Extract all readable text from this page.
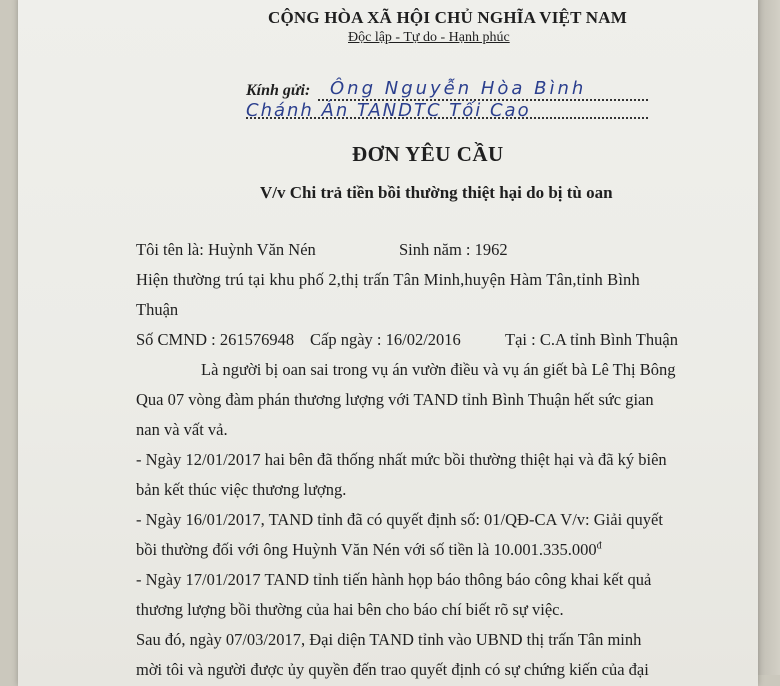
CỘNG HÒA XÃ HỘI CHỦ NGHĨA VIỆT NAM
Độc lập - Tự do - Hạnh phúc
Kính gửi: Ông Nguyễn Hòa Bình
Chánh Án TANDTC Tối Cao
ĐƠN YÊU CẦU
V/v Chi trả tiền bồi thường thiệt hại do bị tù oan
Tôi tên là: Huỳnh Văn Nén	Sinh năm : 1962
Hiện thường trú tại khu phố 2,thị trấn Tân Minh,huyện Hàm Tân,tỉnh Bình
Thuận
Số CMND : 261576948 Cấp ngày : 16/02/2016	Tại : C.A tỉnh Bình Thuận
Là người bị oan sai trong vụ án vườn điều và vụ án giết bà Lê Thị Bông
Qua 07 vòng đàm phán thương lượng với TAND tỉnh Bình Thuận hết sức gian
nan và vất vả.
- Ngày 12/01/2017 hai bên đã thống nhất mức bồi thường thiệt hại và đã ký biên
bản kết thúc việc thương lượng.
- Ngày 16/01/2017, TAND tỉnh đã có quyết định số: 01/QĐ-CA V/v: Giải quyết
bồi thường đối với ông Huỳnh Văn Nén với số tiền là $10.001.335.000^đ$
- Ngày 17/01/2017 TAND tỉnh tiến hành họp báo thông báo công khai kết quả
thương lượng bồi thường của hai bên cho báo chí biết rõ sự việc.
Sau đó, ngày 07/03/2017, Đại diện TAND tỉnh vào UBND thị trấn Tân minh
mời tôi và người được ủy quyền đến trao quyết định có sự chứng kiến của đại
